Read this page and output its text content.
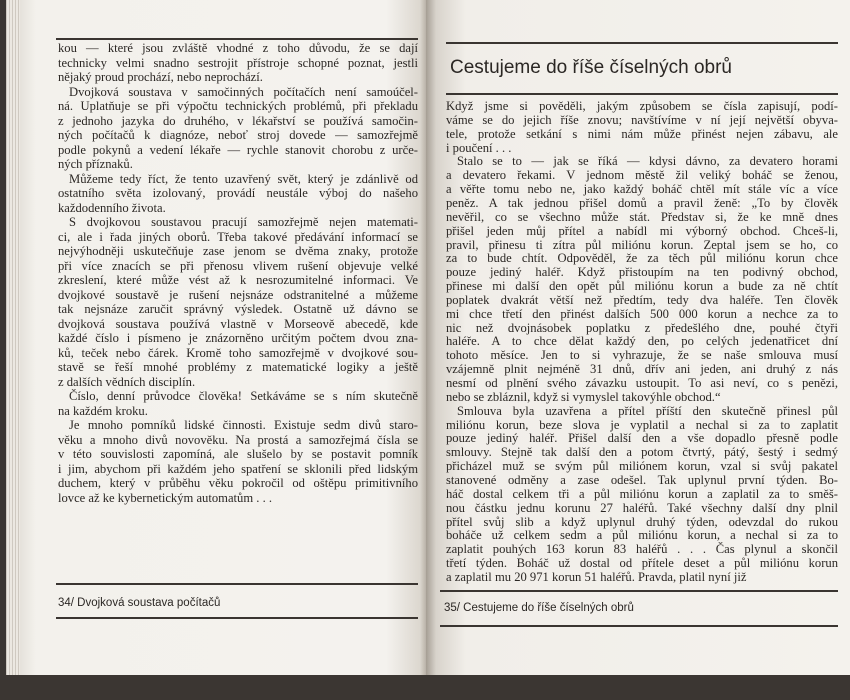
kou — které jsou zvláště vhodné z toho důvodu, že se dají
technicky velmi snadno sestrojit přístroje schopné poznat, jestli
nějaký proud prochází, nebo neprochází.
Dvojková soustava v samočinných počítačích není samoúčel-
ná. Uplatňuje se při výpočtu technických problémů, při překladu
z jednoho jazyka do druhého, v lékařství se používá samočin-
ných počítačů k diagnóze, neboť stroj dovede — samozřejmě
podle pokynů a vedení lékaře — rychle stanovit chorobu z urče-
ných příznaků.
Můžeme tedy říct, že tento uzavřený svět, který je zdánlivě od
ostatního světa izolovaný, provádí neustále výboj do našeho
každodenního života.
S dvojkovou soustavou pracují samozřejmě nejen matemati-
ci, ale i řada jiných oborů. Třeba takové předávání informací se
nejvýhodněji uskutečňuje zase jenom se dvěma znaky, protože
při více znacích se při přenosu vlivem rušení objevuje velké
zkreslení, které může vést až k nesrozumitelné informaci. Ve
dvojkové soustavě je rušení nejsnáze odstranitelné a můžeme
tak nejsnáze zaručit správný výsledek. Ostatně už dávno se
dvojková soustava používá vlastně v Morseově abecedě, kde
každé číslo i písmeno je znázorněno určitým počtem dvou zna-
ků, teček nebo čárek. Kromě toho samozřejmě v dvojkové sou-
stavě se řeší mnohé problémy z matematické logiky a ještě
z dalších vědních disciplín.
Číslo, denní průvodce člověka! Setkáváme se s ním skutečně
na každém kroku.
Je mnoho pomníků lidské činnosti. Existuje sedm divů staro-
věku a mnoho divů novověku. Na prostá a samozřejmá čísla se
v této souvislosti zapomíná, ale slušelo by se postavit pomník
i jim, abychom při každém jeho spatření se sklonili před lidským
duchem, který v průběhu věku pokročil od oštěpu primitivního
lovce až ke kybernetickým automatům . . .
34/ Dvojková soustava počítačů
Cestujeme do říše číselných obrů
Když jsme si pověděli, jakým způsobem se čísla zapisují, podí-
váme se do jejich říše znovu; navštívíme v ní její největší obyva-
tele, protože setkání s nimi nám může přinést nejen zábavu, ale
i poučení . . .
Stalo se to — jak se říká — kdysi dávno, za devatero horami
a devatero řekami. V jednom městě žil veliký boháč se ženou,
a věřte tomu nebo ne, jako každý boháč chtěl mít stále víc a více
peněz. A tak jednou přišel domů a pravil ženě: „To by člověk
nevěřil, co se všechno může stát. Představ si, že ke mně dnes
přišel jeden můj přítel a nabídl mi výborný obchod. Chceš-li,
pravil, přinesu ti zítra půl miliónu korun. Zeptal jsem se ho, co
za to bude chtít. Odpověděl, že za těch půl miliónu korun chce
pouze jediný haléř. Když přistoupím na ten podivný obchod,
přinese mi další den opět půl miliónu korun a bude za ně chtít
poplatek dvakrát větší než předtím, tedy dva haléře. Ten člověk
mi chce třetí den přinést dalších 500 000 korun a nechce za to
nic než dvojnásobek poplatku z předešlého dne, pouhé čtyři
haléře. A to chce dělat každý den, po celých jedenatřicet dní
tohoto měsíce. Jen to si vyhrazuje, že se naše smlouva musí
vzájemně plnit nejméně 31 dnů, dřív ani jeden, ani druhý z nás
nesmí od plnění svého závazku ustoupit. To asi neví, co s penězi,
nebo se zbláznil, když si vymyslel takovýhle obchod.“
Smlouva byla uzavřena a přítel příští den skutečně přinesl půl
miliónu korun, beze slova je vyplatil a nechal si za to zaplatit
pouze jediný haléř. Přišel další den a vše dopadlo přesně podle
smlouvy. Stejně tak další den a potom čtvrtý, pátý, šestý i sedmý
přicházel muž se svým půl miliónem korun, vzal si svůj pakatel
stanovené odměny a zase odešel. Tak uplynul první týden. Bo-
háč dostal celkem tři a půl miliónu korun a zaplatil za to směš-
nou částku jednu korunu 27 haléřů. Také všechny další dny plnil
přítel svůj slib a když uplynul druhý týden, odevzdal do rukou
boháče už celkem sedm a půl miliónu korun, a nechal si za to
zaplatit pouhých 163 korun 83 haléřů . . . Čas plynul a skončil
třetí týden. Boháč už dostal od přítele deset a půl miliónu korun
a zaplatil mu 20 971 korun 51 haléřů. Pravda, platil nyní již
35/ Cestujeme do říše číselných obrů
